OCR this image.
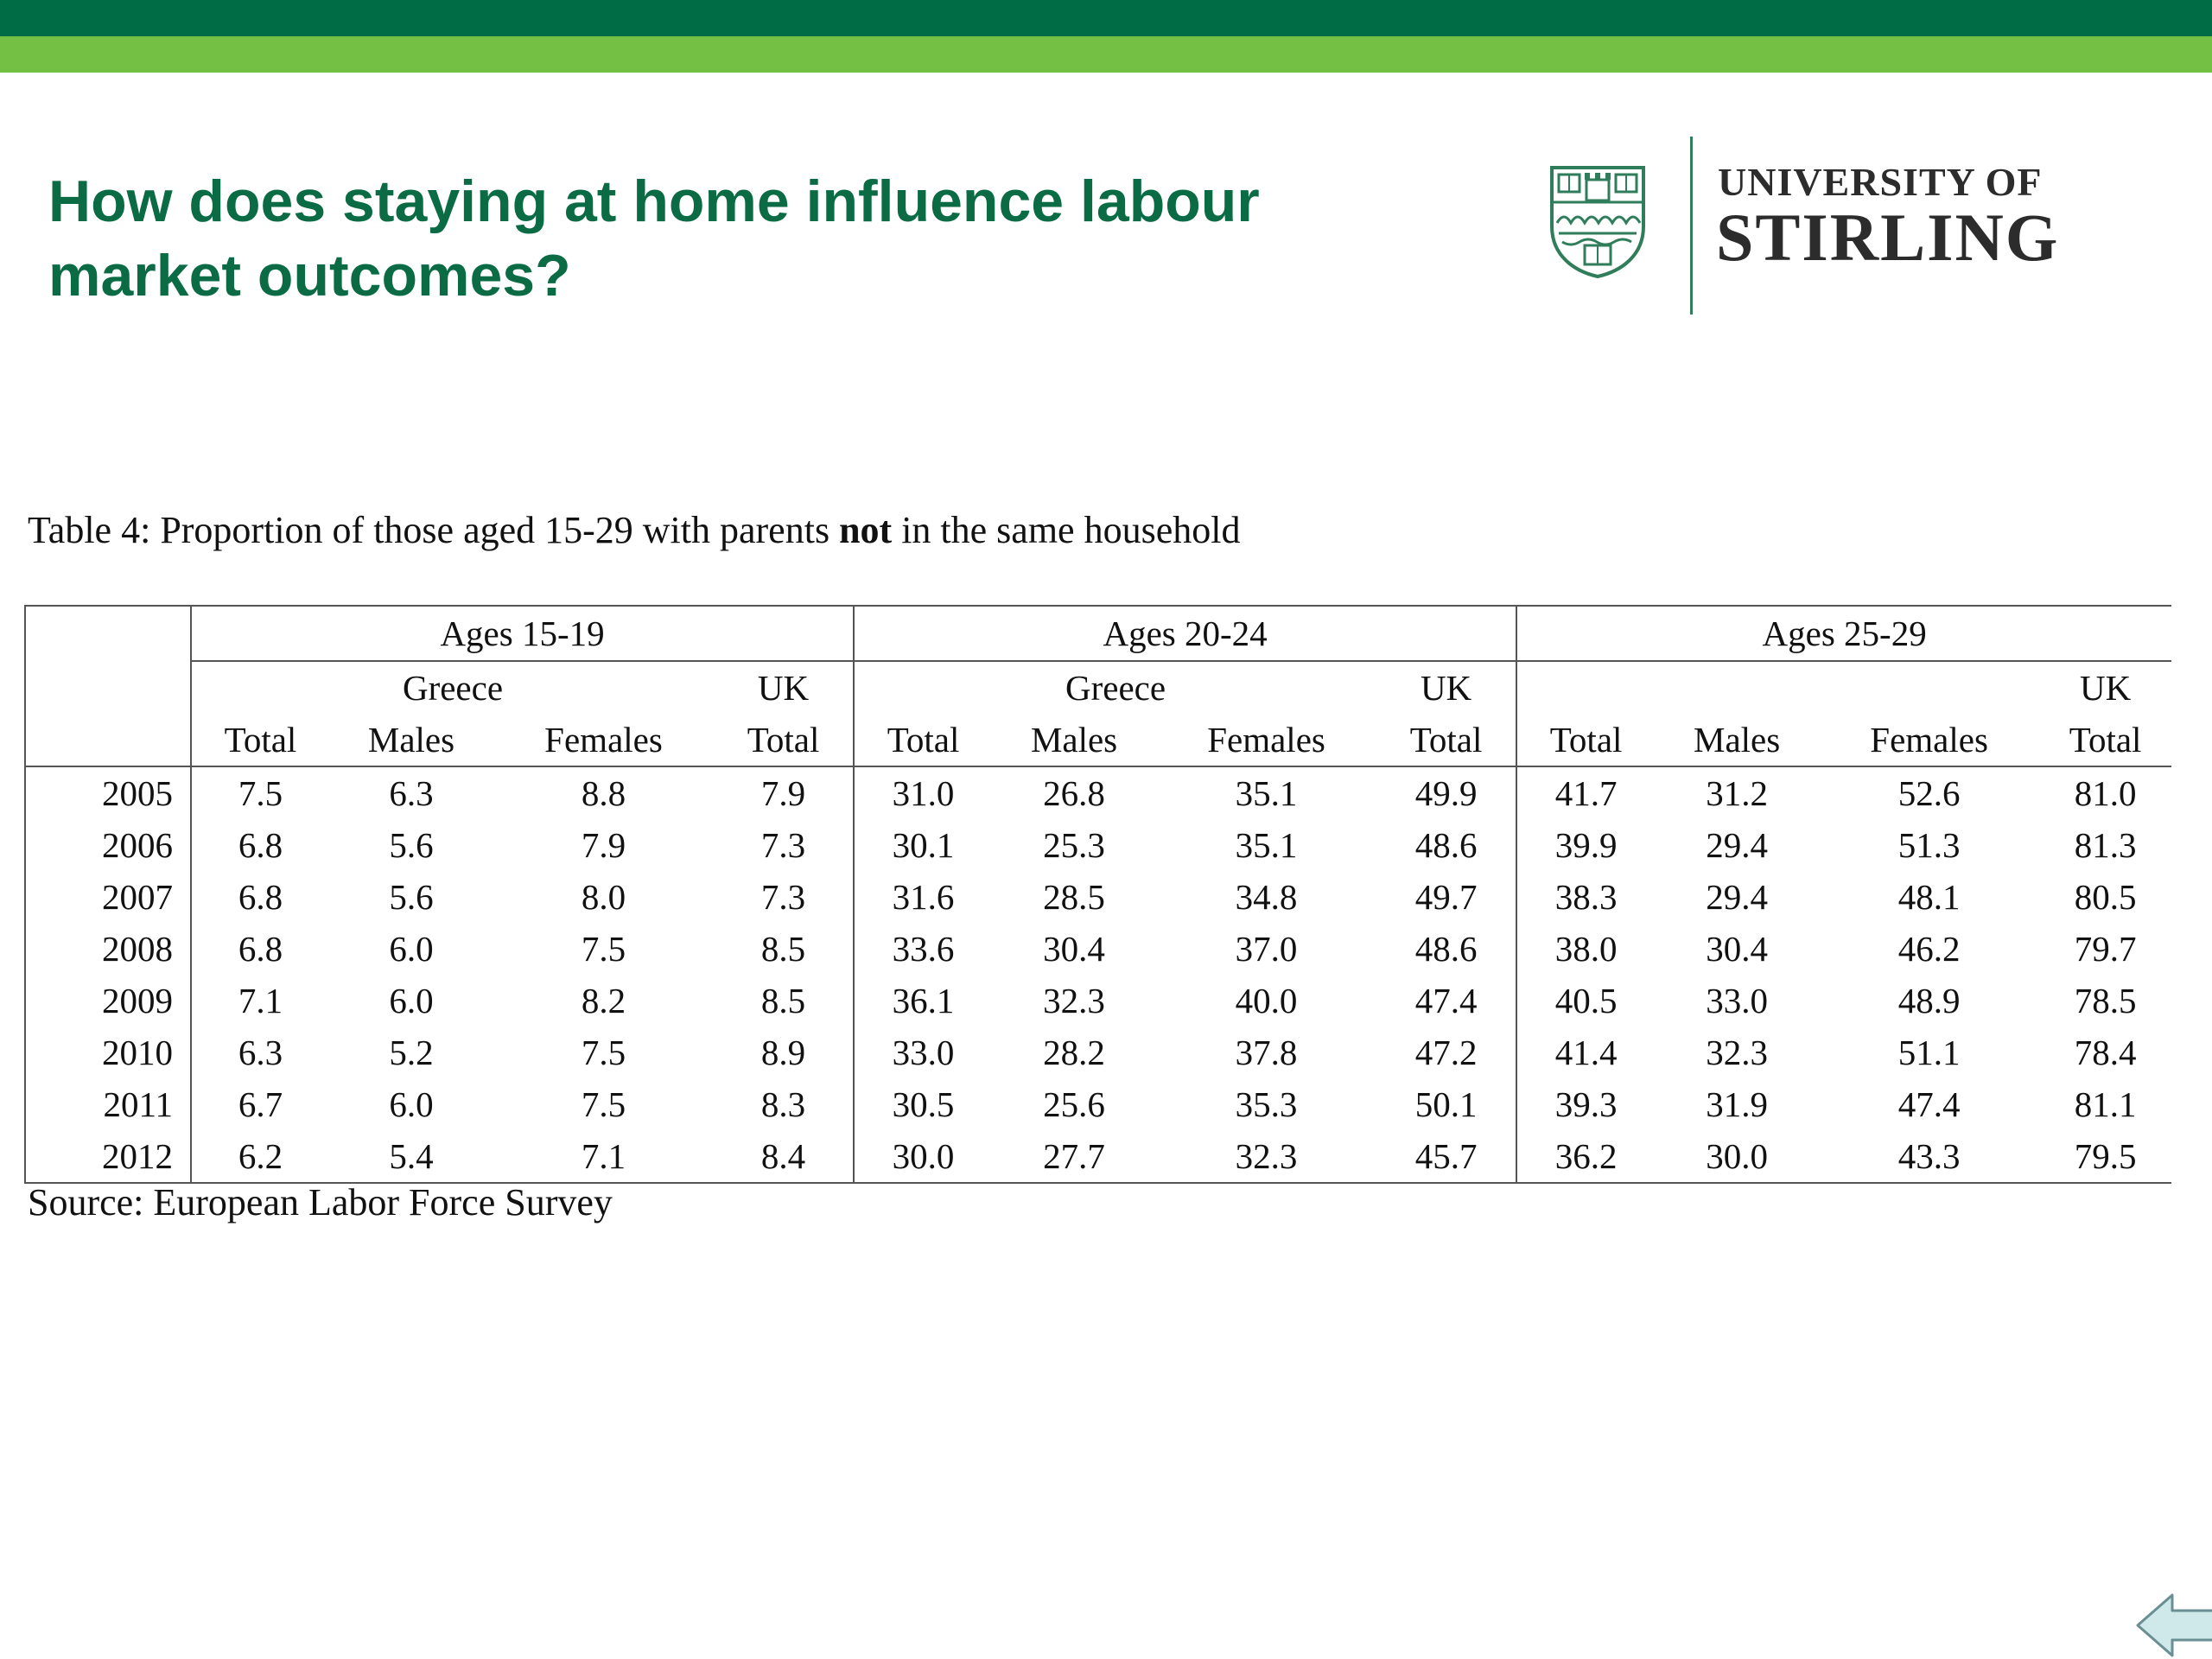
How does staying at home influence labour
market outcomes?
UNIVERSITY OF
STIRLING

Table 4: Proportion of those aged 15-29 with parents not in the same household

	Ages 15-19				Ages 20-24				Ages 25-29			
	Greece			UK	Greece			UK				UK
	Total	Males	Females	Total	Total	Males	Females	Total	Total	Males	Females	Total
2005	7.5	6.3	8.8	7.9	31.0	26.8	35.1	49.9	41.7	31.2	52.6	81.0
2006	6.8	5.6	7.9	7.3	30.1	25.3	35.1	48.6	39.9	29.4	51.3	81.3
2007	6.8	5.6	8.0	7.3	31.6	28.5	34.8	49.7	38.3	29.4	48.1	80.5
2008	6.8	6.0	7.5	8.5	33.6	30.4	37.0	48.6	38.0	30.4	46.2	79.7
2009	7.1	6.0	8.2	8.5	36.1	32.3	40.0	47.4	40.5	33.0	48.9	78.5
2010	6.3	5.2	7.5	8.9	33.0	28.2	37.8	47.2	41.4	32.3	51.1	78.4
2011	6.7	6.0	7.5	8.3	30.5	25.6	35.3	50.1	39.3	31.9	47.4	81.1
2012	6.2	5.4	7.1	8.4	30.0	27.7	32.3	45.7	36.2	30.0	43.3	79.5

Source: European Labor Force Survey
